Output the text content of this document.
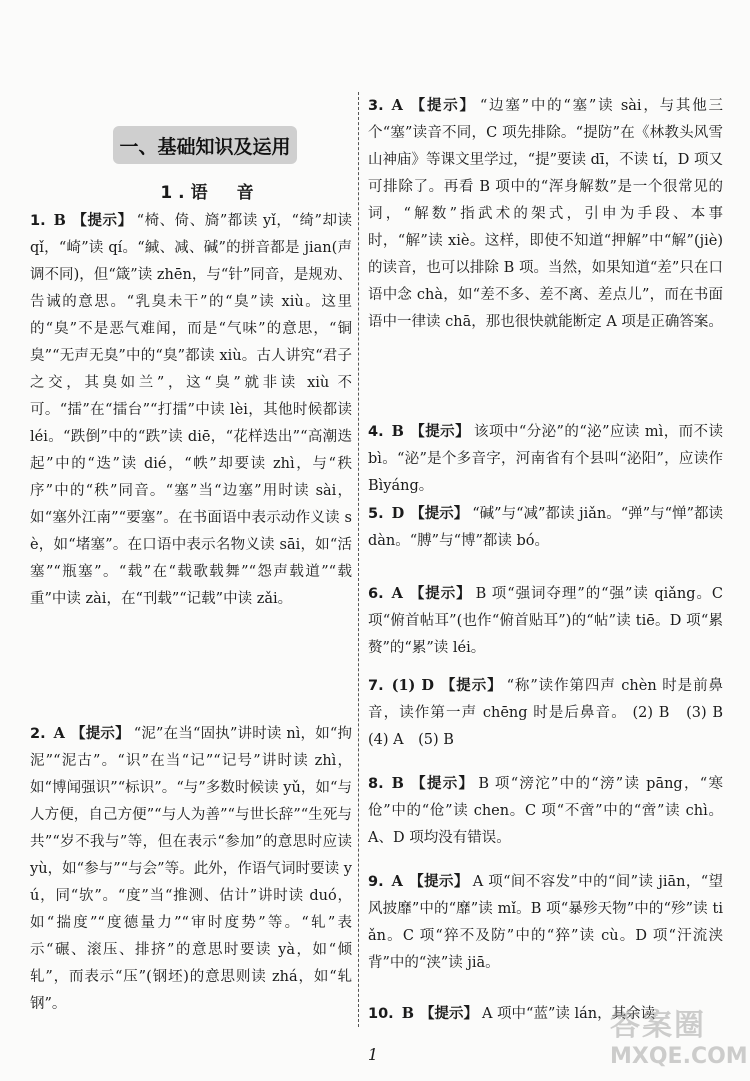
一、基础知识及运用
1.语　音
1. B 【提示】 “椅、倚、旖”都读 yǐ，“绮”却读 qǐ，“崎”读 qí。“緘、减、碱”的拼音都是 jian(声调不同)，但“箴”读 zhēn，与“针”同音，是规劝、告诫的意思。“乳臭未干”的“臭”读 xiù。这里的“臭”不是恶气难闻，而是“气味”的意思，“铜臭”“无声无臭”中的“臭”都读 xiù。古人讲究“君子之交，其臭如兰”，这“臭”就非读 xiù 不可。“擂”在“擂台”“打擂”中读 lèi，其他时候都读 léi。“跌倒”中的“跌”读 diē，“花样迭出”“高潮迭起”中的“迭”读 dié，“帙”却要读 zhì，与“秩序”中的“秩”同音。“塞”当“边塞”用时读 sài，如“塞外江南”“要塞”。在书面语中表示动作义读 sè，如“堵塞”。在口语中表示名物义读 sāi，如“活塞”“瓶塞”。“载”在“载歌载舞”“怨声载道”“载重”中读 zài，在“刊载”“记载”中读 zǎi。
2. A 【提示】 “泥”在当“固执”讲时读 nì，如“拘泥”“泥古”。“识”在当“记”“记号”讲时读 zhì，如“博闻强识”“标识”。“与”多数时候读 yǔ，如“与人方便，自己方便”“与人为善”“与世长辞”“生死与共”“岁不我与”等，但在表示“参加”的意思时应读 yù，如“参与”“与会”等。此外，作语气词时要读 yú，同“欤”。“度”当“推测、估计”讲时读 duó，如“揣度”“度德量力”“审时度势”等。“轧”表示“碾、滚压、排挤”的意思时要读 yà，如“倾轧”，而表示“压”(钢坯)的意思则读 zhá，如“轧钢”。
3. A 【提示】 “边塞”中的“塞”读 sài，与其他三个“塞”读音不同，C 项先排除。“提防”在《林教头风雪山神庙》等课文里学过，“提”要读 dī，不读 tí，D 项又可排除了。再看 B 项中的“浑身解数”是一个很常见的词，“解数”指武术的架式，引申为手段、本事时，“解”读 xiè。这样，即使不知道“押解”中“解”(jiè)的读音，也可以排除 B 项。当然，如果知道“差”只在口语中念 chà，如“差不多、差不离、差点儿”，而在书面语中一律读 chā，那也很快就能断定 A 项是正确答案。
4. B 【提示】 该项中“分泌”的“泌”应读 mì，而不读 bì。“泌”是个多音字，河南省有个县叫“泌阳”，应读作 Bìyáng。
5. D 【提示】 “碱”与“减”都读 jiǎn。“弹”与“惮”都读 dàn。“膊”与“博”都读 bó。
6. A 【提示】 B 项“强词夺理”的“强”读 qiǎng。C 项“俯首帖耳”(也作“俯首贴耳”)的“帖”读 tiē。D 项“累赘”的“累”读 léi。
7. (1) D 【提示】 “称”读作第四声 chèn 时是前鼻音，读作第一声 chēng 时是后鼻音。 (2) B　(3) B　(4) A　(5) B
8. B 【提示】 B 项“滂沱”中的“滂”读 pāng，“寒伧”中的“伧”读 chen。C 项“不啻”中的“啻”读 chì。A、D 项均没有错误。
9. A 【提示】 A 项“间不容发”中的“间”读 jiān，“望风披靡”中的“靡”读 mǐ。B 项“暴殄天物”中的“殄”读 tiǎn。C 项“猝不及防”中的“猝”读 cù。D 项“汗流浃背”中的“浃”读 jiā。
10. B 【提示】 A 项中“蓝”读 lán，其余读
1
答案圈
MXQE.COM
